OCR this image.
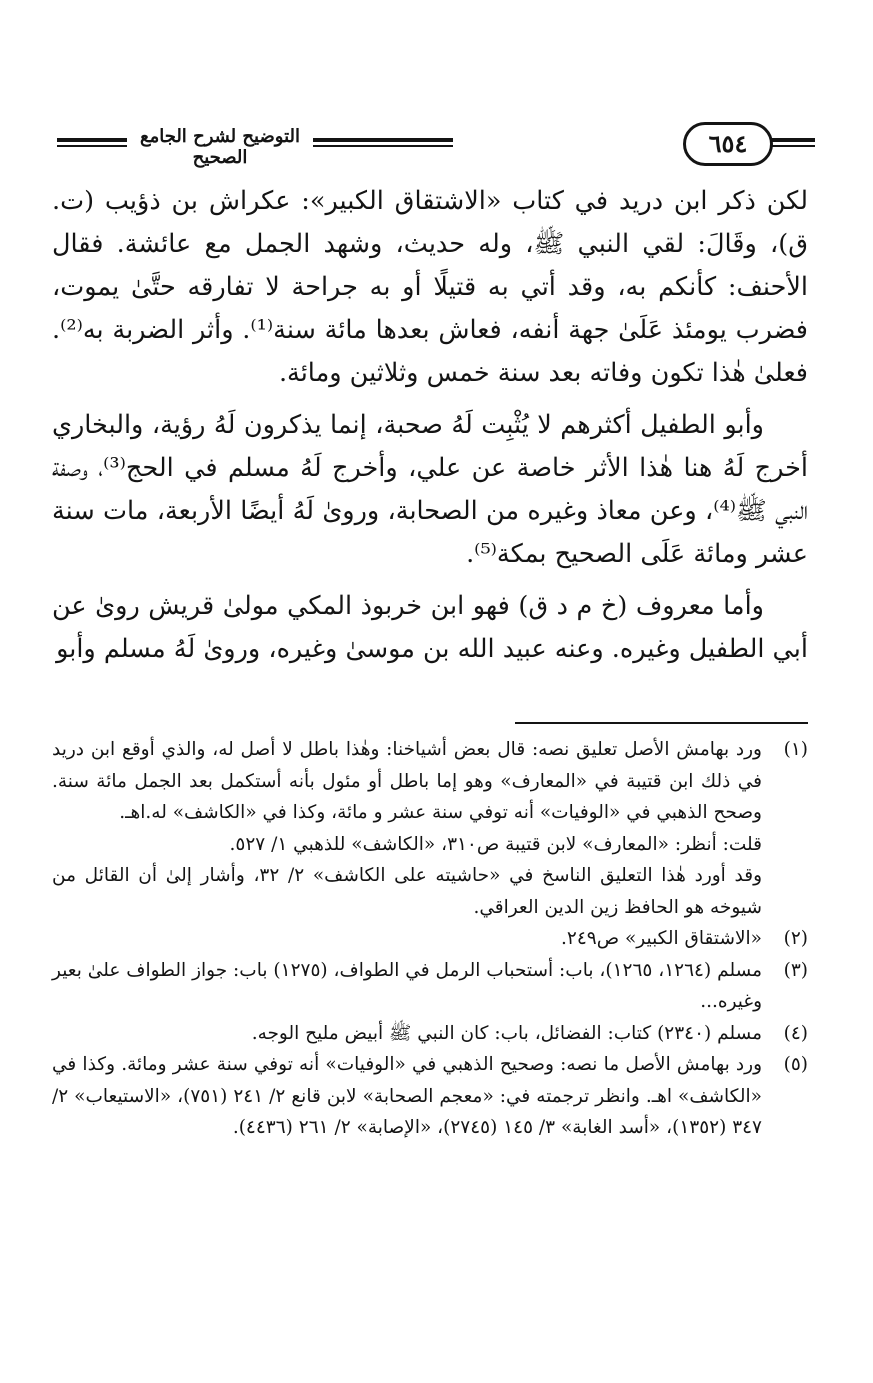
التوضيح لشرح الجامع الصحيح	٦٥٤

لكن ذكر ابن دريد في كتاب «الاشتقاق الكبير»: عكراش بن ذؤيب (ت. ق)، وقَالَ: لقي النبي ﷺ، وله حديث، وشهد الجمل مع عائشة. فقال الأحنف: كأنكم به، وقد أتي به قتيلًا أو به جراحة لا تفارقه حتَّىٰ يموت، فضرب يومئذ عَلَىٰ جهة أنفه، فعاش بعدها مائة سنة⁽¹⁾. وأثر الضربة به⁽²⁾. فعلىٰ هٰذا تكون وفاته بعد سنة خمس وثلاثين ومائة.

وأبو الطفيل أكثرهم لا يُثْبِت لَهُ صحبة، إنما يذكرون لَهُ رؤية، والبخاري أخرج لَهُ هنا هٰذا الأثر خاصة عن علي، وأخرج لَهُ مسلم في الحج⁽³⁾، وصفة النبي ﷺ⁽⁴⁾، وعن معاذ وغيره من الصحابة، وروىٰ لَهُ أيضًا الأربعة، مات سنة عشر ومائة عَلَى الصحيح بمكة⁽⁵⁾.

وأما معروف (خ م د ق) فهو ابن خربوذ المكي مولىٰ قريش روىٰ عن أبي الطفيل وغيره. وعنه عبيد الله بن موسىٰ وغيره، وروىٰ لَهُ مسلم وأبو

(١)
ورد بهامش الأصل تعليق نصه: قال بعض أشياخنا: وهٰذا باطل لا أصل له، والذي أوقع ابن دريد في ذلك ابن قتيبة في «المعارف» وهو إما باطل أو مئول بأنه أستكمل بعد الجمل مائة سنة. وصحح الذهبي في «الوفيات» أنه توفي سنة عشر و مائة، وكذا في «الكاشف» له.اهـ.
قلت: أنظر: «المعارف» لابن قتيبة ص٣١٠، «الكاشف» للذهبي ١/ ٥٢٧.
وقد أورد هٰذا التعليق الناسخ في «حاشيته على الكاشف» ٢/ ٣٢، وأشار إلىٰ أن القائل من شيوخه هو الحافظ زين الدين العراقي.
(٢)
«الاشتقاق الكبير» ص٢٤٩.
(٣)
مسلم (١٢٦٤، ١٢٦٥)، باب: أستحباب الرمل في الطواف، (١٢٧٥) باب: جواز الطواف علىٰ بعير وغيره...
(٤)
مسلم (٢٣٤٠) كتاب: الفضائل، باب: كان النبي ﷺ أبيض مليح الوجه.
(٥)
ورد بهامش الأصل ما نصه: وصحيح الذهبي في «الوفيات» أنه توفي سنة عشر ومائة. وكذا في «الكاشف» اهـ. وانظر ترجمته في: «معجم الصحابة» لابن قانع ٢/ ٢٤١ (٧٥١)، «الاستيعاب» ٢/ ٣٤٧ (١٣٥٢)، «أسد الغابة» ٣/ ١٤٥ (٢٧٤٥)، «الإصابة» ٢/ ٢٦١ (٤٤٣٦).
